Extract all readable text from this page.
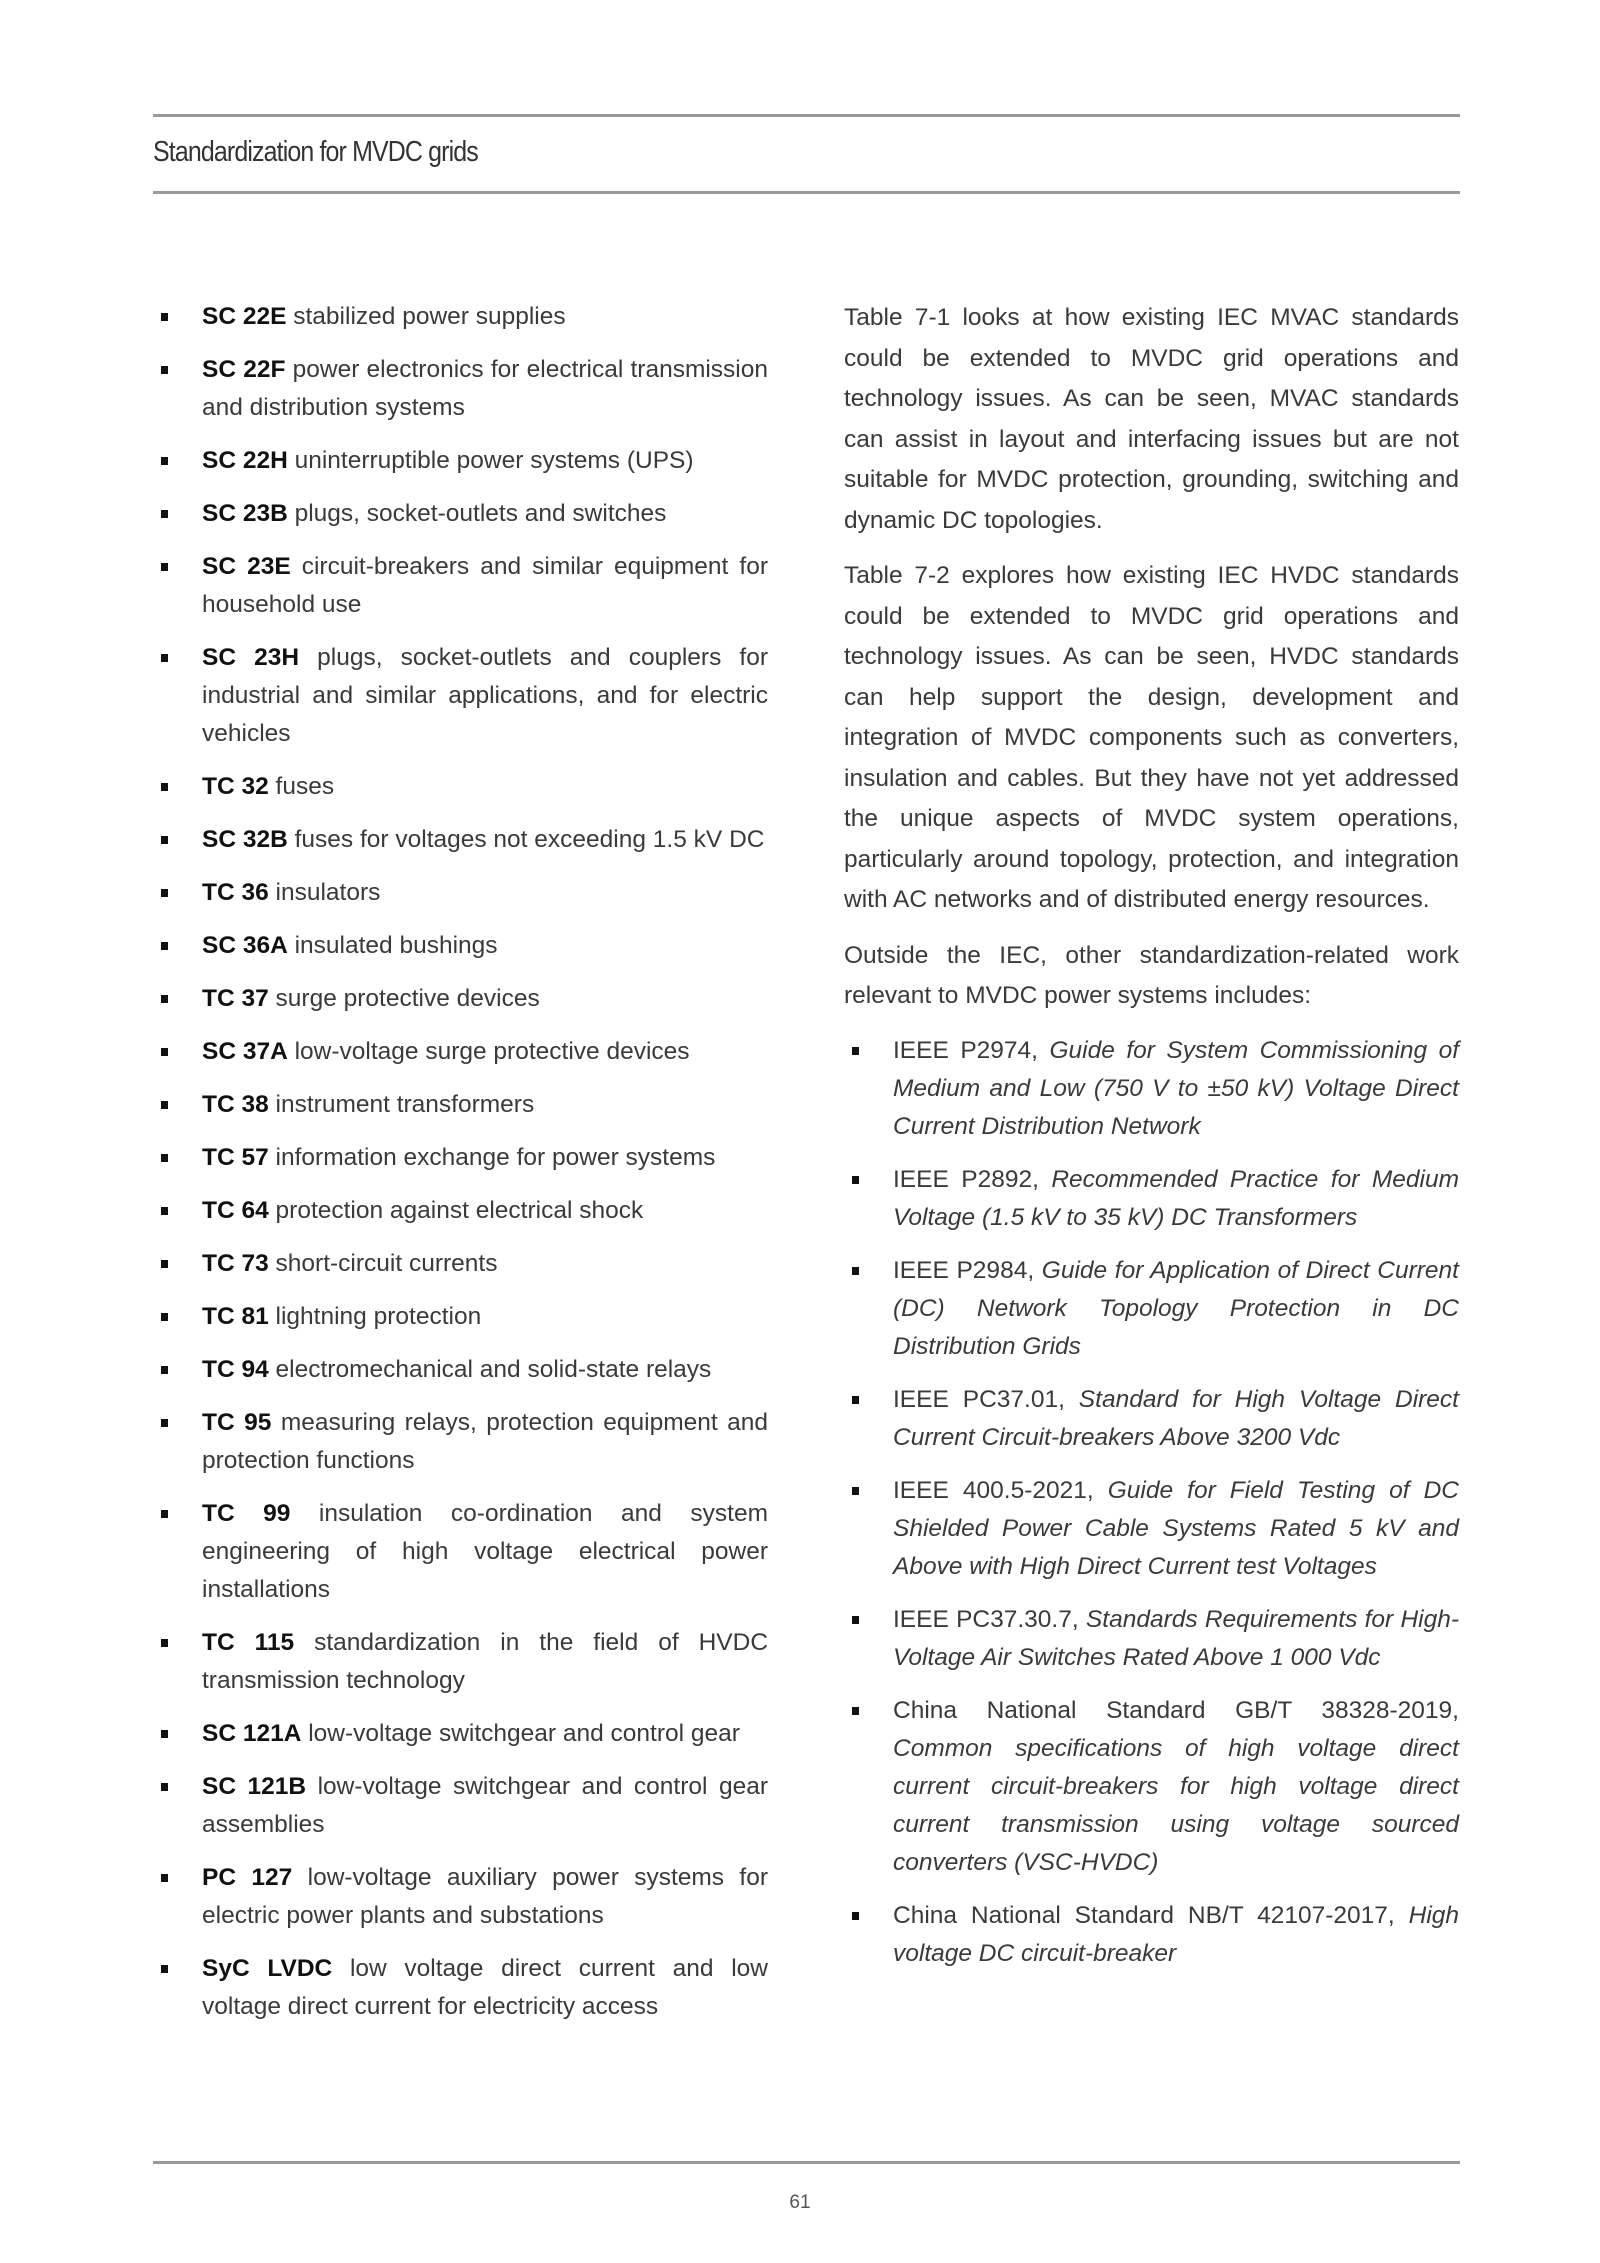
Standardization for MVDC grids
SC 22E stabilized power supplies
SC 22F power electronics for electrical transmission and distribution systems
SC 22H uninterruptible power systems (UPS)
SC 23B plugs, socket-outlets and switches
SC 23E circuit-breakers and similar equipment for household use
SC 23H plugs, socket-outlets and couplers for industrial and similar applications, and for electric vehicles
TC 32 fuses
SC 32B fuses for voltages not exceeding 1.5 kV DC
TC 36 insulators
SC 36A insulated bushings
TC 37 surge protective devices
SC 37A low-voltage surge protective devices
TC 38 instrument transformers
TC 57 information exchange for power systems
TC 64 protection against electrical shock
TC 73 short-circuit currents
TC 81 lightning protection
TC 94 electromechanical and solid-state relays
TC 95 measuring relays, protection equipment and protection functions
TC 99 insulation co-ordination and system engineering of high voltage electrical power installations
TC 115 standardization in the field of HVDC transmission technology
SC 121A low-voltage switchgear and control gear
SC 121B low-voltage switchgear and control gear assemblies
PC 127 low-voltage auxiliary power systems for electric power plants and substations
SyC LVDC low voltage direct current and low voltage direct current for electricity access

Table 7-1 looks at how existing IEC MVAC standards could be extended to MVDC grid operations and technology issues. As can be seen, MVAC standards can assist in layout and interfacing issues but are not suitable for MVDC protection, grounding, switching and dynamic DC topologies.

Table 7-2 explores how existing IEC HVDC standards could be extended to MVDC grid operations and technology issues. As can be seen, HVDC standards can help support the design, development and integration of MVDC components such as converters, insulation and cables. But they have not yet addressed the unique aspects of MVDC system operations, particularly around topology, protection, and integration with AC networks and of distributed energy resources.

Outside the IEC, other standardization-related work relevant to MVDC power systems includes:

IEEE P2974, Guide for System Commissioning of Medium and Low (750 V to ±50 kV) Voltage Direct Current Distribution Network
IEEE P2892, Recommended Practice for Medium Voltage (1.5 kV to 35 kV) DC Transformers
IEEE P2984, Guide for Application of Direct Current (DC) Network Topology Protection in DC Distribution Grids
IEEE PC37.01, Standard for High Voltage Direct Current Circuit-breakers Above 3200 Vdc
IEEE 400.5-2021, Guide for Field Testing of DC Shielded Power Cable Systems Rated 5 kV and Above with High Direct Current test Voltages
IEEE PC37.30.7, Standards Requirements for High-Voltage Air Switches Rated Above 1 000 Vdc
China National Standard GB/T 38328-2019, Common specifications of high voltage direct current circuit-breakers for high voltage direct current transmission using voltage sourced converters (VSC-HVDC)
China National Standard NB/T 42107-2017, High voltage DC circuit-breaker
61
